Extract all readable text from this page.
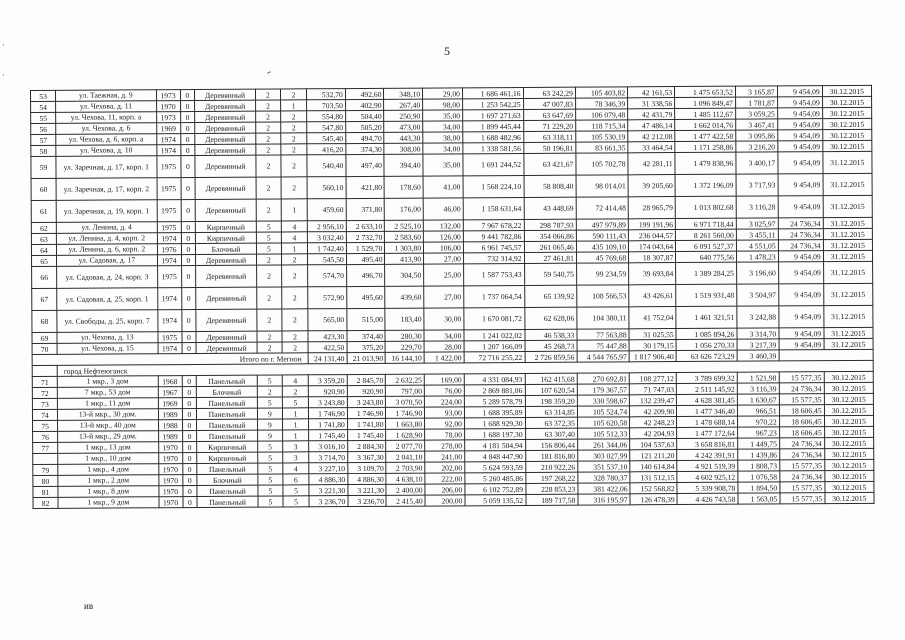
5
·
·
53	ул. Таежная, д. 9	1973	0	Деревянный	2	2	532,70	492,60	348,10	29,00	1 686 461,16	63 242,29	105 403,82	42 161,53	1 475 653,52	3 165,87	9 454,09	30.12.2015
54	ул. Чехова, д. 11	1970	0	Деревянный	2	1	703,50	402,90	267,40	98,00	1 253 542,25	47 007,83	78 346,39	31 338,56	1 096 849,47	1 781,87	9 454,09	30.12.2015
55	ул. Чехова, 11, корп. а	1973	0	Деревянный	2	2	554,80	504,40	250,90	35,00	1 697 271,63	63 647,69	106 079,48	42 431,79	1 485 112,67	3 059,25	9 454,09	30.12.2015
56	ул. Чехова, д. 6	1969	0	Деревянный	2	2	547,80	505,20	473,00	34,00	1 899 445,44	71 229,20	118 715,34	47 486,14	1 662 014,76	3 467,41	9 454,09	30.12.2015
57	ул. Чехова, д. 6, корп. а	1974	0	Деревянный	2	2	545,40	494,70	443,30	38,00	1 688 482,96	63 318,11	105 530,19	42 212,08	1 477 422,58	3 095,86	9 454,09	30.12.2015
58	ул. Чехова, д. 10	1974	0	Деревянный	2	2	416,20	374,30	308,00	34,00	1 338 581,56	50 196,81	83 661,35	33 464,54	1 171 258,86	3 216,20	9 454,09	30.12.2015
59	ул. Заречная, д. 17, корп. 1	1975	0	Деревянный	2	2	540,40	497,40	394,40	35,00	1 691 244,52	63 421,67	105 702,78	42 281,11	1 479 838,96	3 400,17	9 454,09	31.12.2015
60	ул. Заречная, д. 17, корп. 2	1975	0	Деревянный	2	2	560,10	421,80	178,60	41,00	1 568 224,10	58 808,40	98 014,01	39 205,60	1 372 196,09	3 717,93	9 454,09	31.12.2015
61	ул. Заречная, д. 19, корп. 1	1975	0	Деревянный	2	1	459,60	371,80	176,00	46,00	1 158 631,64	43 448,69	72 414,48	28 965,79	1 013 802,68	3 116,28	9 454,09	31.12.2015
62	ул. Ленина, д. 4	1975	0	Кирпичный	5	4	2 956,10	2 633,10	2 525,10	132,00	7 967 678,22	298 787,93	497 979,89	199 191,96	6 971 718,44	3 025,97	24 736,34	31.12.2015
63	ул. Ленина, д. 4, корп. 2	1974	0	Кирпичный	5	4	3 032,40	2 732,70	2 583,60	126,00	9 441 782,86	354 066,86	590 111,43	236 044,57	8 261 560,00	3 455,11	24 736,34	31.12.2015
64	ул. Ленина, д. 6, корп. 2	1976	0	Блочный	5	1	1 742,40	1 529,70	1 303,80	106,00	6 961 745,57	261 065,46	435 109,10	174 043,64	6 091 527,37	4 551,05	24 736,34	31.12.2015
65	ул. Садовая, д. 17	1974	0	Деревянный	2	2	545,50	495,40	413,90	27,00	732 314,92	27 461,81	45 769,68	18 307,87	640 775,56	1 478,23	9 454,09	31.12.2015
66	ул. Садовая, д. 24, корп. 3	1975	0	Деревянный	2	2	574,70	496,70	304,50	25,00	1 587 753,43	59 540,75	99 234,59	39 693,84	1 389 284,25	3 196,60	9 454,09	31.12.2015
67	ул. Садовая, д. 25, корп. 1	1974	0	Деревянный	2	2	572,90	495,60	439,60	27,00	1 737 064,54	65 139,92	108 566,53	43 426,61	1 519 931,48	3 504,97	9 454,09	31.12.2015
68	ул. Свободы, д. 25, корп. 7	1974	0	Деревянный	2	2	565,00	515,00	183,40	30,00	1 670 081,72	62 628,06	104 380,11	41 752,04	1 461 321,51	3 242,88	9 454,09	31.12.2015
69	ул. Чехова, д. 13	1975	0	Деревянный	2	2	423,30	374,40	280,30	34,00	1 241 022,02	46 538,33	77 563,88	31 025,55	1 085 894,26	3 314,70	9 454,09	31.12.2015
70	ул. Чехова, д. 15	1974	0	Деревянный	2	2	422,50	375,20	229,70	28,00	1 207 166,09	45 268,73	75 447,88	30 179,15	1 056 270,33	3 217,39	9 454,09	31.12.2015
Итого по г. Мегион							24 131,40	21 013,90	16 144,10	1 422,00	72 716 255,22	2 726 859,56	4 544 765,97	1 817 906,40	63 626 723,29	3 460,39		
	город Нефтеюганск																	
71	1 мкр., 3 дом	1968	0	Панельный	5	4	3 359,20	2 845,70	2 632,25	169,00	4 331 084,93	162 415,68	270 692,81	108 277,12	3 789 699,32	1 521,98	15 577,35	30.12.2015
72	7 мкр., 53 дом	1967	0	Блочный	2	2	920,90	920,90	797,00	76,00	2 869 881,06	107 620,54	179 367,57	71 747,03	2 511 145,92	3 116,39	24 736,34	30.12.2015
73	1 мкр., 11 дом	1969	0	Панельный	5	5	3 243,80	3 243,80	3 070,50	224,00	5 289 578,79	198 359,20	330 598,67	132 239,47	4 628 381,45	1 630,67	15 577,35	30.12.2015
74	13-й мкр., 30 дом.	1989	0	Панельный	9	1	1 746,90	1 746,90	1 746,90	93,00	1 688 395,89	63 314,85	105 524,74	42 209,90	1 477 346,40	966,51	18 606,45	30.12.2015
75	13-й мкр., 40 дом	1988	0	Панельный	9	1	1 741,80	1 741,80	1 663,80	92,00	1 688 929,30	63 372,35	105 620,58	42 248,23	1 478 688,14	970,22	18 606,45	30.12.2015
76	13-й мкр., 29 дом.	1989	0	Панельный	9	1	1 745,40	1 745,40	1 628,90	78,00	1 688 197,30	63 307,40	105 512,33	42 204,93	1 477 172,64	967,23	18 606,45	30.12.2015
77	1 мкр., 13 дом	1970	0	Кирпичный	5	3	3 016,10	2 884,30	2 077,70	278,00	4 181 504,94	156 806,44	261 344,06	104 537,63	3 658 816,81	1 449,75	24 736,34	30.12.2015
	1 мкр., 10 дом	1970	0	Кирпичный	5	3	3 714,70	3 367,30	2 041,10	241,00	4 848 447,90	181 816,80	303 027,99	121 211,20	4 242 391,91	1 439,86	24 736,34	30.12.2015
79	1 мкр., 4 дом	1970	0	Панельный	5	4	3 227,10	3 109,70	2 703,90	202,00	5 624 593,59	210 922,26	351 537,10	140 614,84	4 921 519,39	1 808,73	15 577,35	30.12.2015
80	1 мкр., 2 дом	1970	0	Блочный	5	6	4 886,30	4 886,30	4 638,10	222,00	5 260 485,86	197 268,22	328 780,37	131 512,15	4 602 925,12	1 076,58	24 736,34	30.12.2015
81	1 мкр., 8 дом	1970	0	Панельный	5	5	3 221,30	3 221,30	2 400,00	206,00	6 102 752,89	228 853,23	381 422,06	152 568,82	5 339 908,78	1 894,50	15 577,35	30.12.2015
82	1 мкр., 9 дом	1970	0	Панельный	5	5	3 236,70	3 236,70	2 415,40	200,00	5 059 135,52	189 717,58	316 195,97	126 478,39	4 426 743,58	1 563,05	15 577,35	30.12.2015
ив
